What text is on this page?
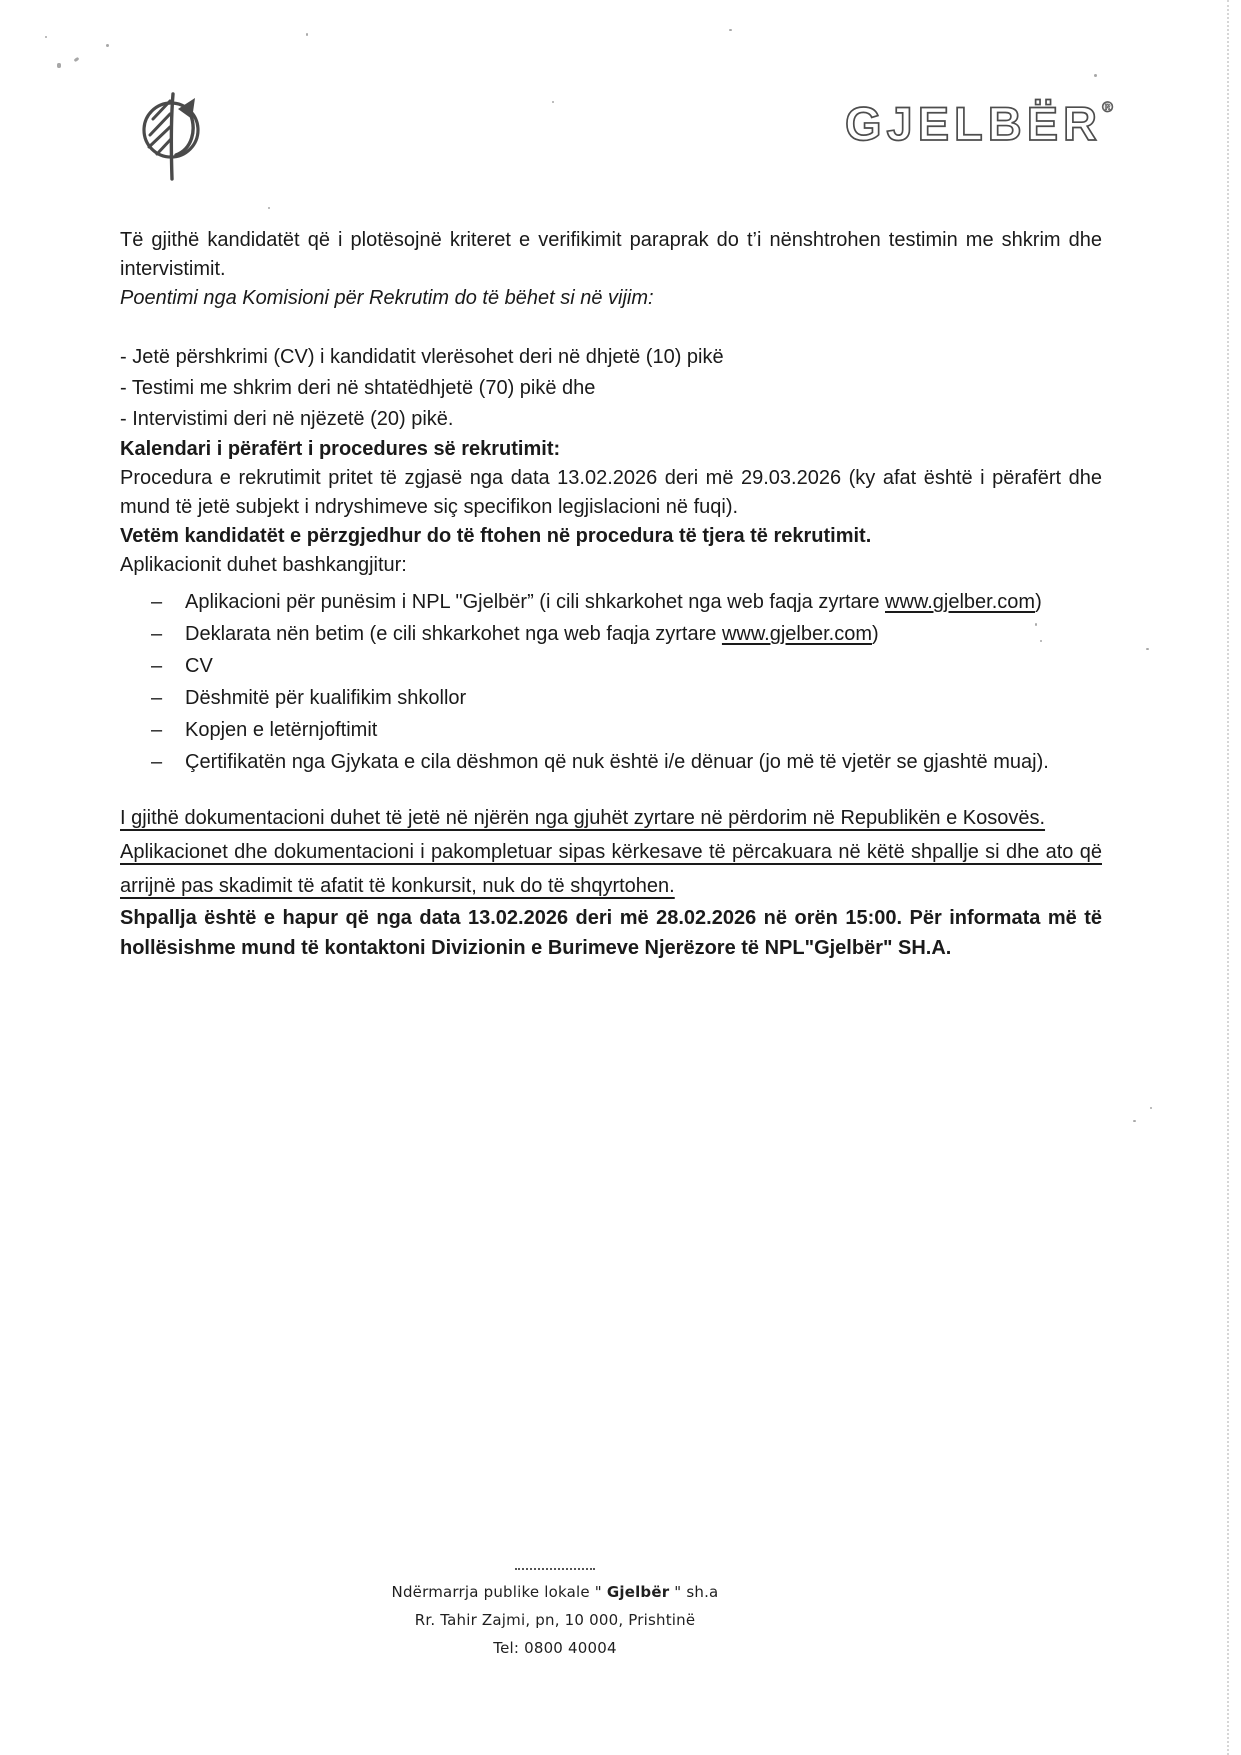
GJELBËR®

Të gjithë kandidatët që i plotësojnë kriteret e verifikimit paraprak do t’i nënshtrohen testimin me shkrim dhe intervistimit.

Poentimi nga Komisioni për Rekrutim do të bëhet si në vijim:

- Jetë përshkrimi (CV) i kandidatit vlerësohet deri në dhjetë (10) pikë

- Testimi me shkrim deri në shtatëdhjetë (70) pikë dhe

- Intervistimi deri në njëzetë (20) pikë.

Kalendari i përafërt i procedures së rekrutimit:

Procedura e rekrutimit pritet të zgjasë nga data 13.02.2026 deri më 29.03.2026 (ky afat është i përafërt dhe mund të jetë subjekt i ndryshimeve siç specifikon legjislacioni në fuqi).

Vetëm kandidatët e përzgjedhur do të ftohen në procedura të tjera të rekrutimit.

Aplikacionit duhet bashkangjitur:

–	Aplikacioni për punësim i NPL "Gjelbër” (i cili shkarkohet nga web faqja zyrtare www.gjelber.com)
–	Deklarata nën betim (e cili shkarkohet nga web faqja zyrtare www.gjelber.com)
–	CV
–	Dëshmitë për kualifikim shkollor
–	Kopjen e letërnjoftimit
–	Çertifikatën nga Gjykata e cila dëshmon që nuk është i/e dënuar (jo më të vjetër se gjashtë muaj).

I gjithë dokumentacioni duhet të jetë në njërën nga gjuhët zyrtare në përdorim në Republikën e Kosovës.

Aplikacionet dhe dokumentacioni i pakompletuar sipas kërkesave të përcakuara në këtë shpallje si dhe ato që arrijnë pas skadimit të afatit të konkursit, nuk do të shqyrtohen.

Shpallja është e hapur që nga data 13.02.2026 deri më 28.02.2026 në orën 15:00. Për informata më të hollësishme mund të kontaktoni Divizionin e Burimeve Njerëzore të NPL"Gjelbër" SH.A.

Ndërmarrja publike lokale " Gjelbër " sh.a
Rr. Tahir Zajmi, pn, 10 000, Prishtinë
Tel: 0800 40004
